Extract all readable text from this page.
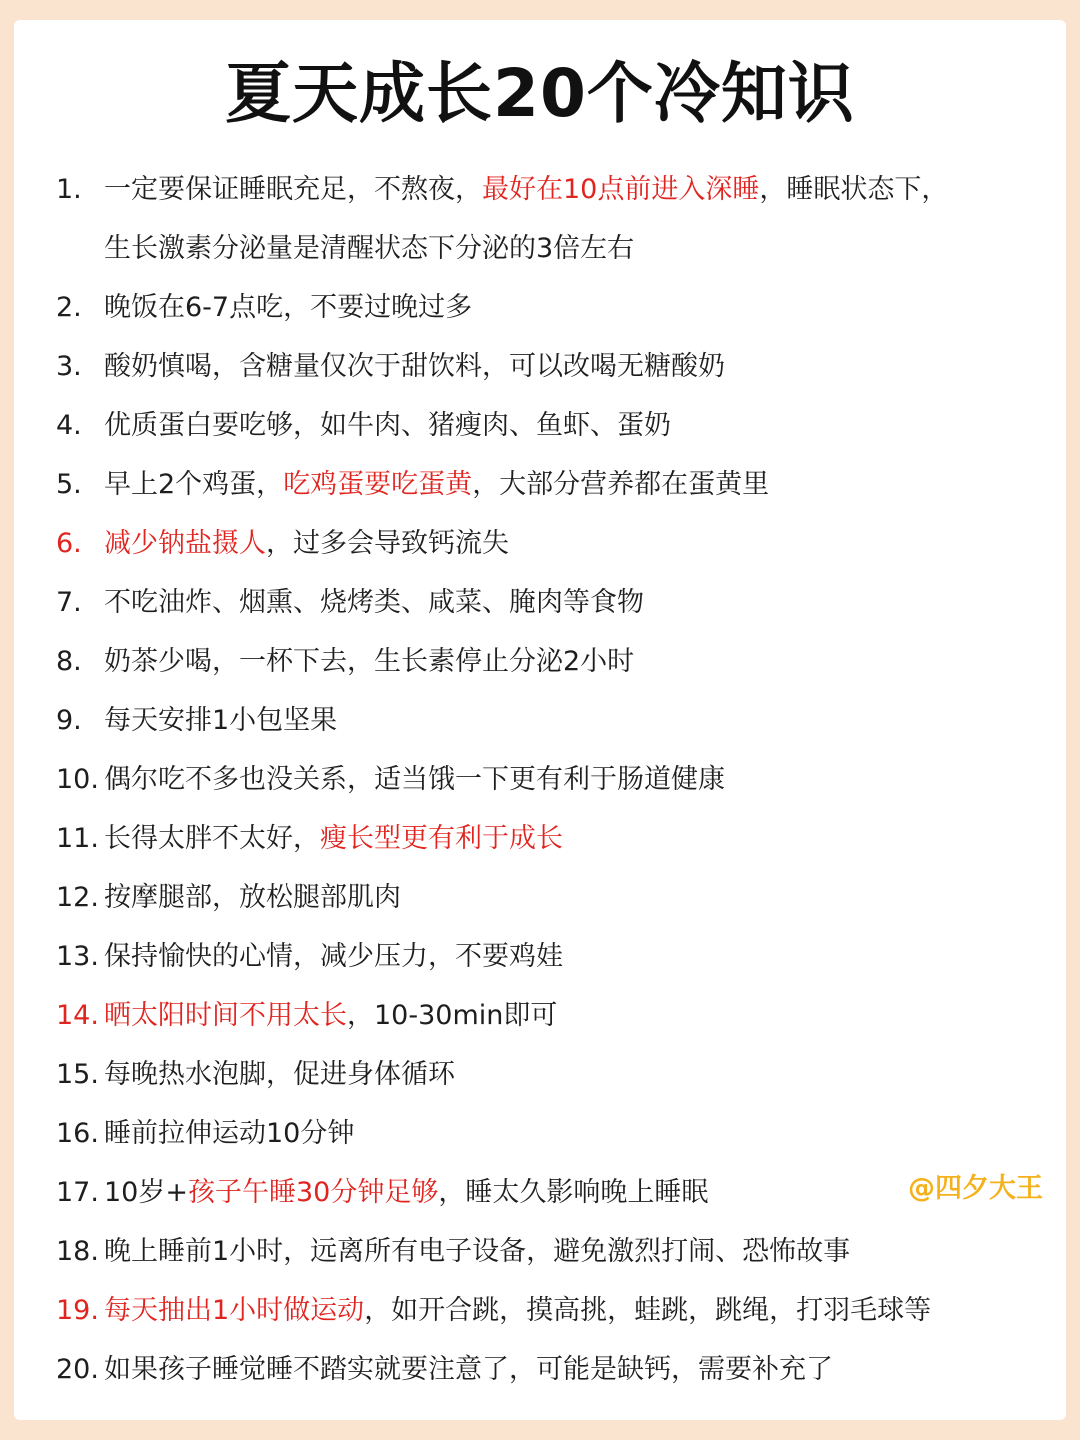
夏天成长20个冷知识
1. 一定要保证睡眠充足，不熬夜，最好在10点前进入深睡，睡眠状态下，
生长激素分泌量是清醒状态下分泌的3倍左右
2. 晚饭在6-7点吃，不要过晚过多
3. 酸奶慎喝，含糖量仅次于甜饮料，可以改喝无糖酸奶
4. 优质蛋白要吃够，如牛肉、猪瘦肉、鱼虾、蛋奶
5. 早上2个鸡蛋，吃鸡蛋要吃蛋黄，大部分营养都在蛋黄里
6. 减少钠盐摄人，过多会导致钙流失
7. 不吃油炸、烟熏、烧烤类、咸菜、腌肉等食物
8. 奶茶少喝，一杯下去，生长素停止分泌2小时
9. 每天安排1小包坚果
10. 偶尔吃不多也没关系，适当饿一下更有利于肠道健康
11. 长得太胖不太好，瘦长型更有利于成长
12. 按摩腿部，放松腿部肌肉
13. 保持愉快的心情，减少压力，不要鸡娃
14. 晒太阳时间不用太长，10-30min即可
15. 每晚热水泡脚，促进身体循环
16. 睡前拉伸运动10分钟
17. 10岁+孩子午睡30分钟足够，睡太久影响晚上睡眠
18. 晚上睡前1小时，远离所有电子设备，避免激烈打闹、恐怖故事
19. 每天抽出1小时做运动，如开合跳，摸高挑，蛙跳，跳绳，打羽毛球等
20. 如果孩子睡觉睡不踏实就要注意了，可能是缺钙，需要补充了
@四夕大王
